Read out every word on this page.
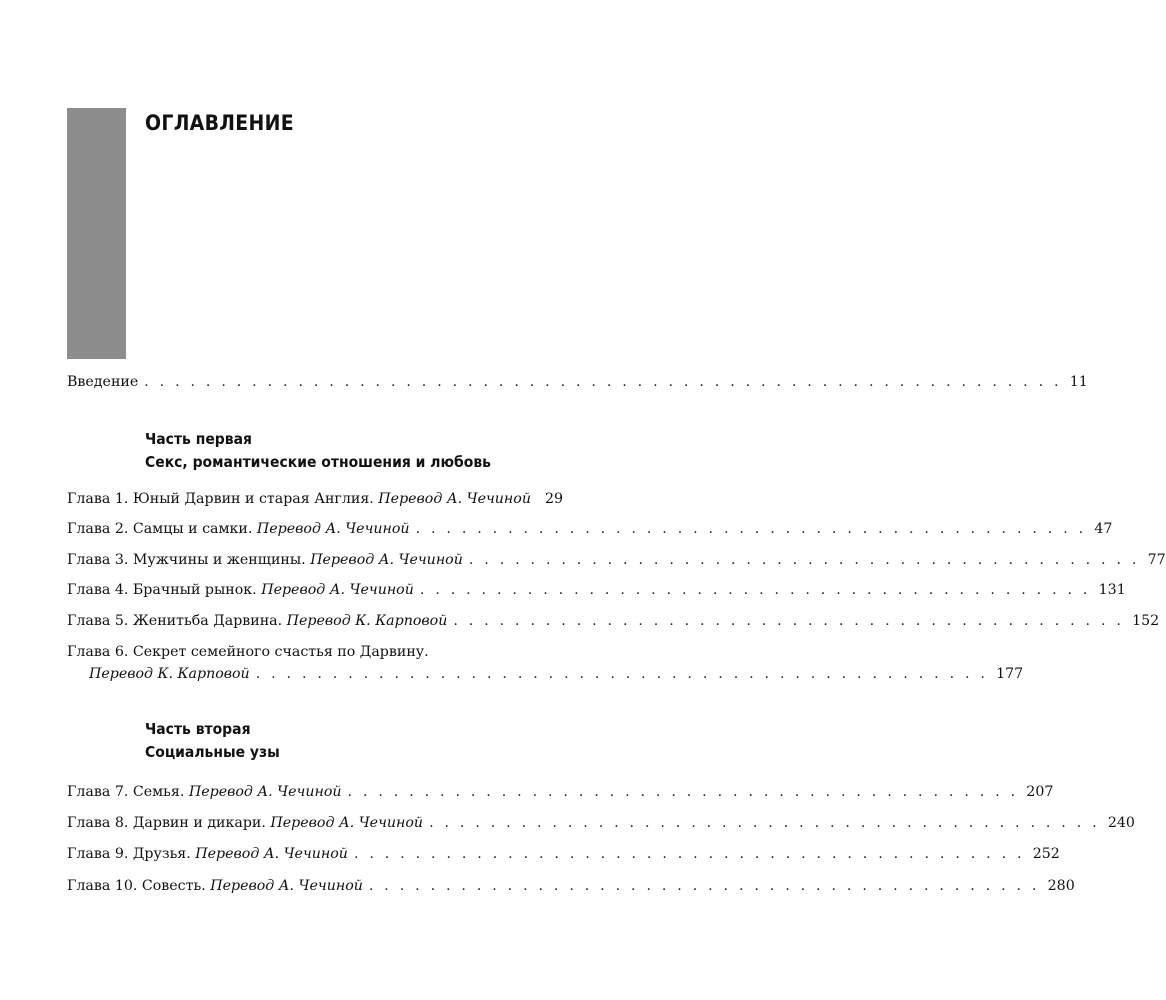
ОГЛАВЛЕНИЕ
Введение . . . . . . . . . . . . . . . . . . . . . . . . . . . . . . . . . . . . . . . . . . . . . . . . . . . . . . . . . . . . 11
Часть первая
Секс, романтические отношения и любовь
Глава 1. Юный Дарвин и старая Англия. Перевод А. Чечиной 29
Глава 2. Самцы и самки. Перевод А. Чечиной . . . . . . . . . . . . . . . . . . . . . . . . . . . . . . . . . . . . . . . . . . . . 47
Глава 3. Мужчины и женщины. Перевод А. Чечиной . . . . . . . . . . . . . . . . . . . . . . . . . . . . . . . . . . . . . . . . . . . . 77
Глава 4. Брачный рынок. Перевод А. Чечиной . . . . . . . . . . . . . . . . . . . . . . . . . . . . . . . . . . . . . . . . . . . . 131
Глава 5. Женитьба Дарвина. Перевод К. Карповой . . . . . . . . . . . . . . . . . . . . . . . . . . . . . . . . . . . . . . . . . . . . 152
Глава 6. Секрет семейного счастья по Дарвину.
Перевод К. Карповой . . . . . . . . . . . . . . . . . . . . . . . . . . . . . . . . . . . . . . . . . . . . . . . . 177
Часть вторая
Социальные узы
Глава 7. Семья. Перевод А. Чечиной . . . . . . . . . . . . . . . . . . . . . . . . . . . . . . . . . . . . . . . . . . . . 207
Глава 8. Дарвин и дикари. Перевод А. Чечиной . . . . . . . . . . . . . . . . . . . . . . . . . . . . . . . . . . . . . . . . . . . . 240
Глава 9. Друзья. Перевод А. Чечиной . . . . . . . . . . . . . . . . . . . . . . . . . . . . . . . . . . . . . . . . . . . . 252
Глава 10. Совесть. Перевод А. Чечиной . . . . . . . . . . . . . . . . . . . . . . . . . . . . . . . . . . . . . . . . . . . . 280
